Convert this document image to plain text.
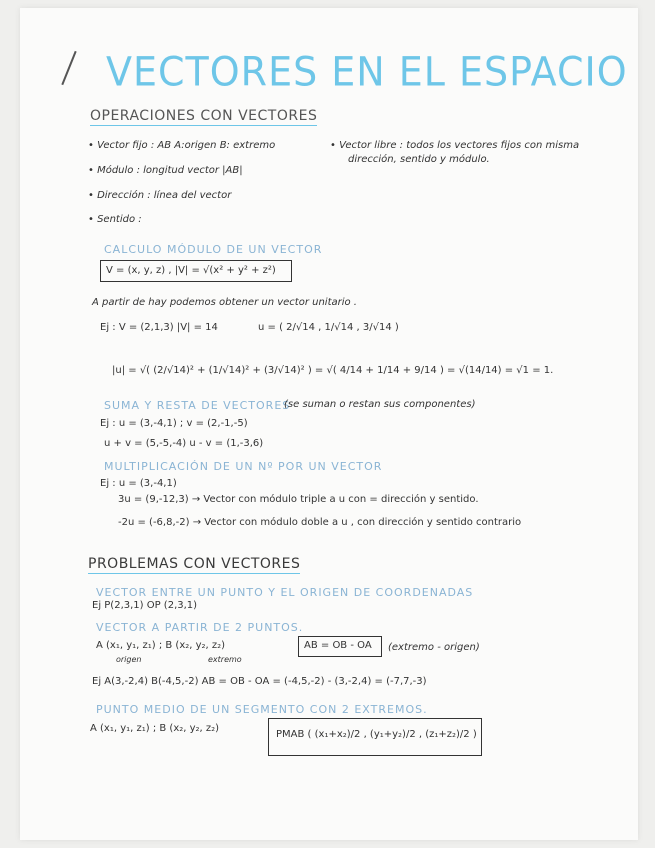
VECTORES EN EL ESPACIO
OPERACIONES CON VECTORES
• Vector fijo : AB A:origen B: extremo	• Vector libre : todos los vectores fijos con misma
dirección, sentido y módulo.
• Módulo : longitud vector |AB|
• Dirección : línea del vector
• Sentido :
CALCULO MÓDULO DE UN VECTOR
V = (x, y, z) , |V| = √(x² + y² + z²)
A partir de hay podemos obtener un vector unitario .
Ej : V = (2,1,3) |V| = 14	u = ( 2/√14 , 1/√14 , 3/√14 )
|u| = √( (2/√14)² + (1/√14)² + (3/√14)² ) = √( 4/14 + 1/14 + 9/14 ) = √(14/14) = √1 = 1.
SUMA Y RESTA DE VECTORES
(se suman o restan sus componentes)
Ej : u = (3,-4,1) ; v = (2,-1,-5)
u + v = (5,-5,-4) u - v = (1,-3,6)
MULTIPLICACIÓN DE UN Nº POR UN VECTOR
Ej : u = (3,-4,1)
3u = (9,-12,3) → Vector con módulo triple a u con = dirección y sentido.
-2u = (-6,8,-2) → Vector con módulo doble a u , con dirección y sentido contrario
PROBLEMAS CON VECTORES
VECTOR ENTRE UN PUNTO Y EL ORIGEN DE COORDENADAS
Ej P(2,3,1) OP (2,3,1)
VECTOR A PARTIR DE 2 PUNTOS.
A (x₁, y₁, z₁) ; B (x₂, y₂, z₂)
origen	extremo
AB = OB - OA (extremo - origen)
Ej A(3,-2,4) B(-4,5,-2) AB = OB - OA = (-4,5,-2) - (3,-2,4) = (-7,7,-3)
PUNTO MEDIO DE UN SEGMENTO CON 2 EXTREMOS.
A (x₁, y₁, z₁) ; B (x₂, y₂, z₂)
PMAB ( (x₁+x₂)/2 , (y₁+y₂)/2 , (z₁+z₂)/2 )
